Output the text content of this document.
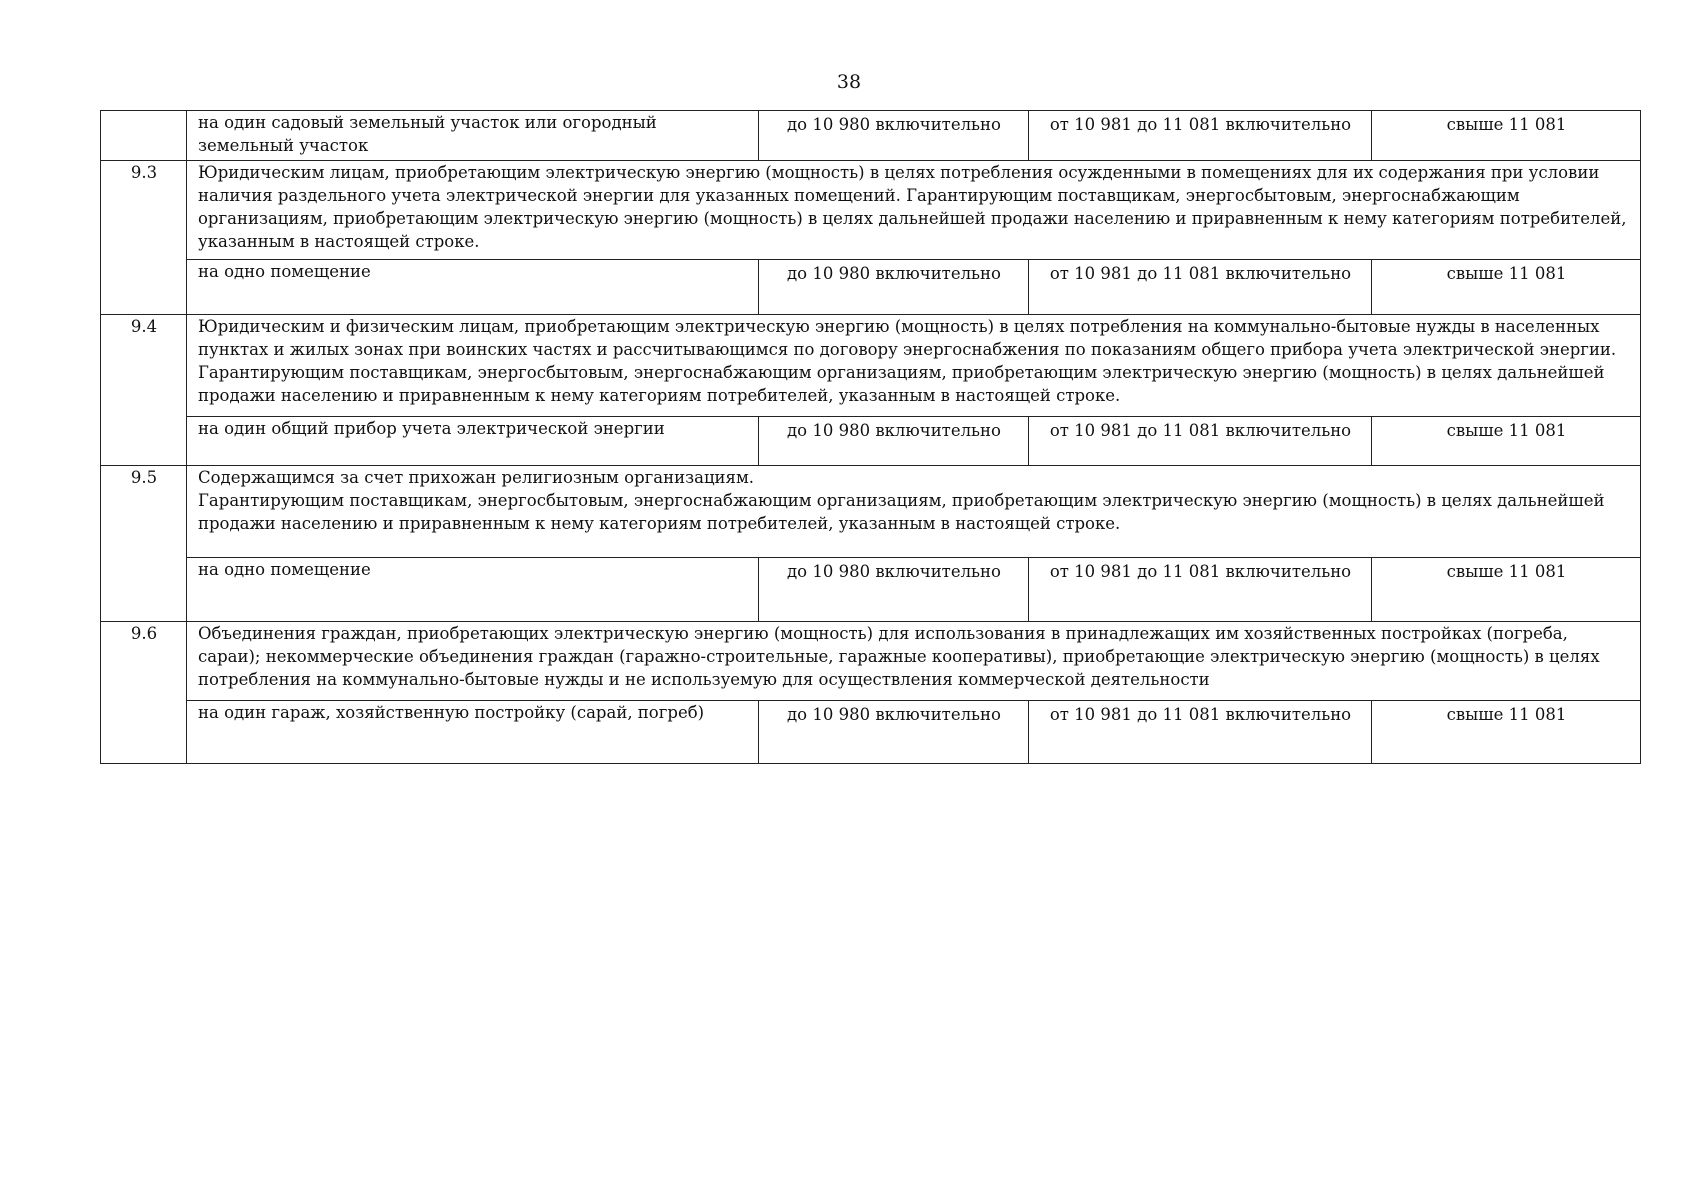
38
	на один садовый земельный участок или огородный земельный участок	до 10 980 включительно	от 10 981 до 11 081 включительно	свыше 11 081
9.3	Юридическим лицам, приобретающим электрическую энергию (мощность) в целях потребления осужденными в помещениях для их содержания при условии наличия раздельного учета электрической энергии для указанных помещений. Гарантирующим поставщикам, энергосбытовым, энергоснабжающим организациям, приобретающим электрическую энергию (мощность) в целях дальнейшей продажи населению и приравненным к нему категориям потребителей, указанным в настоящей строке.			
	на одно помещение	до 10 980 включительно	от 10 981 до 11 081 включительно	свыше 11 081
9.4	Юридическим и физическим лицам, приобретающим электрическую энергию (мощность) в целях потребления на коммунально-бытовые нужды в населенных пунктах и жилых зонах при воинских частях и рассчитывающимся по договору энергоснабжения по показаниям общего прибора учета электрической энергии. Гарантирующим поставщикам, энергосбытовым, энергоснабжающим организациям, приобретающим электрическую энергию (мощность) в целях дальнейшей продажи населению и приравненным к нему категориям потребителей, указанным в настоящей строке.			
	на один общий прибор учета электрической энергии	до 10 980 включительно	от 10 981 до 11 081 включительно	свыше 11 081
9.5	Содержащимся за счет прихожан религиозным организациям.
Гарантирующим поставщикам, энергосбытовым, энергоснабжающим организациям, приобретающим электрическую энергию (мощность) в целях дальнейшей продажи населению и приравненным к нему категориям потребителей, указанным в настоящей строке.			

	на одно помещение	до 10 980 включительно	от 10 981 до 11 081 включительно	свыше 11 081
9.6	Объединения граждан, приобретающих электрическую энергию (мощность) для использования в принадлежащих им хозяйственных постройках (погреба, сараи); некоммерческие объединения граждан (гаражно-строительные, гаражные кооперативы), приобретающие электрическую энергию (мощность) в целях потребления на коммунально-бытовые нужды и не используемую для осуществления коммерческой деятельности			
	на один гараж, хозяйственную постройку (сарай, погреб)	до 10 980 включительно	от 10 981 до 11 081 включительно	свыше 11 081
